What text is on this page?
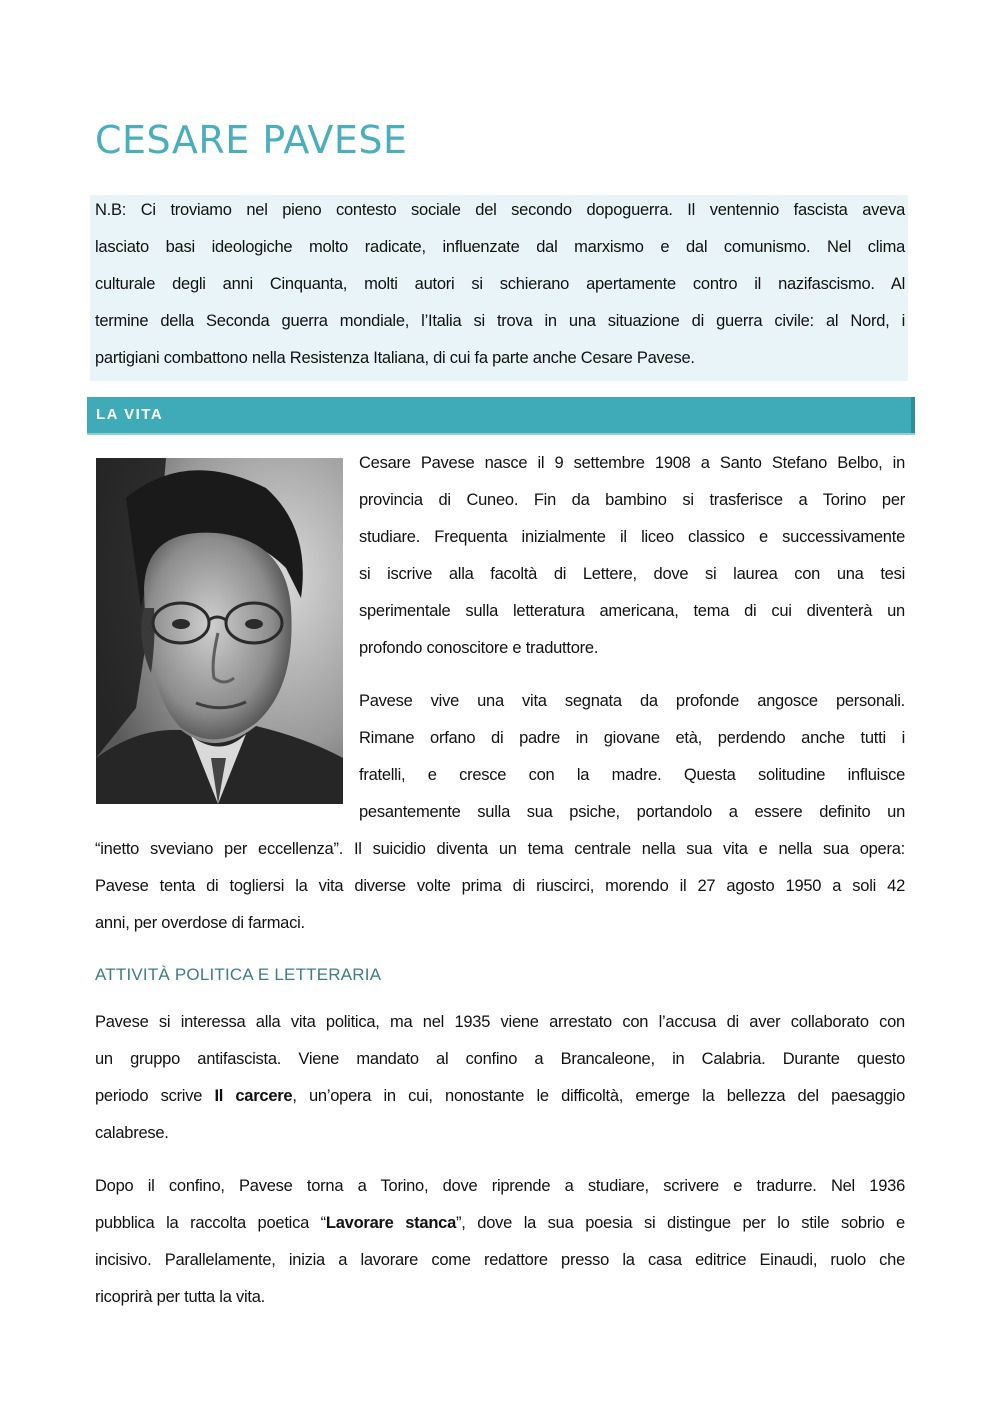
CESARE PAVESE

N.B: Ci troviamo nel pieno contesto sociale del secondo dopoguerra. Il ventennio fascista aveva
lasciato basi ideologiche molto radicate, influenzate dal marxismo e dal comunismo. Nel clima
culturale degli anni Cinquanta, molti autori si schierano apertamente contro il nazifascismo. Al
termine della Seconda guerra mondiale, l’Italia si trova in una situazione di guerra civile: al Nord, i
partigiani combattono nella Resistenza Italiana, di cui fa parte anche Cesare Pavese.

LA VITA

Cesare Pavese nasce il 9 settembre 1908 a Santo Stefano Belbo, in
provincia di Cuneo. Fin da bambino si trasferisce a Torino per
studiare. Frequenta inizialmente il liceo classico e successivamente
si iscrive alla facoltà di Lettere, dove si laurea con una tesi
sperimentale sulla letteratura americana, tema di cui diventerà un
profondo conoscitore e traduttore.

Pavese vive una vita segnata da profonde angosce personali.
Rimane orfano di padre in giovane età, perdendo anche tutti i
fratelli, e cresce con la madre. Questa solitudine influisce
pesantemente sulla sua psiche, portandolo a essere definito un

“inetto sveviano per eccellenza”. Il suicidio diventa un tema centrale nella sua vita e nella sua opera:
Pavese tenta di togliersi la vita diverse volte prima di riuscirci, morendo il 27 agosto 1950 a soli 42
anni, per overdose di farmaci.

ATTIVITÀ POLITICA E LETTERARIA

Pavese si interessa alla vita politica, ma nel 1935 viene arrestato con l’accusa di aver collaborato con
un gruppo antifascista. Viene mandato al confino a Brancaleone, in Calabria. Durante questo
periodo scrive Il carcere, un’opera in cui, nonostante le difficoltà, emerge la bellezza del paesaggio
calabrese.

Dopo il confino, Pavese torna a Torino, dove riprende a studiare, scrivere e tradurre. Nel 1936
pubblica la raccolta poetica “Lavorare stanca”, dove la sua poesia si distingue per lo stile sobrio e
incisivo. Parallelamente, inizia a lavorare come redattore presso la casa editrice Einaudi, ruolo che
ricoprirà per tutta la vita.
